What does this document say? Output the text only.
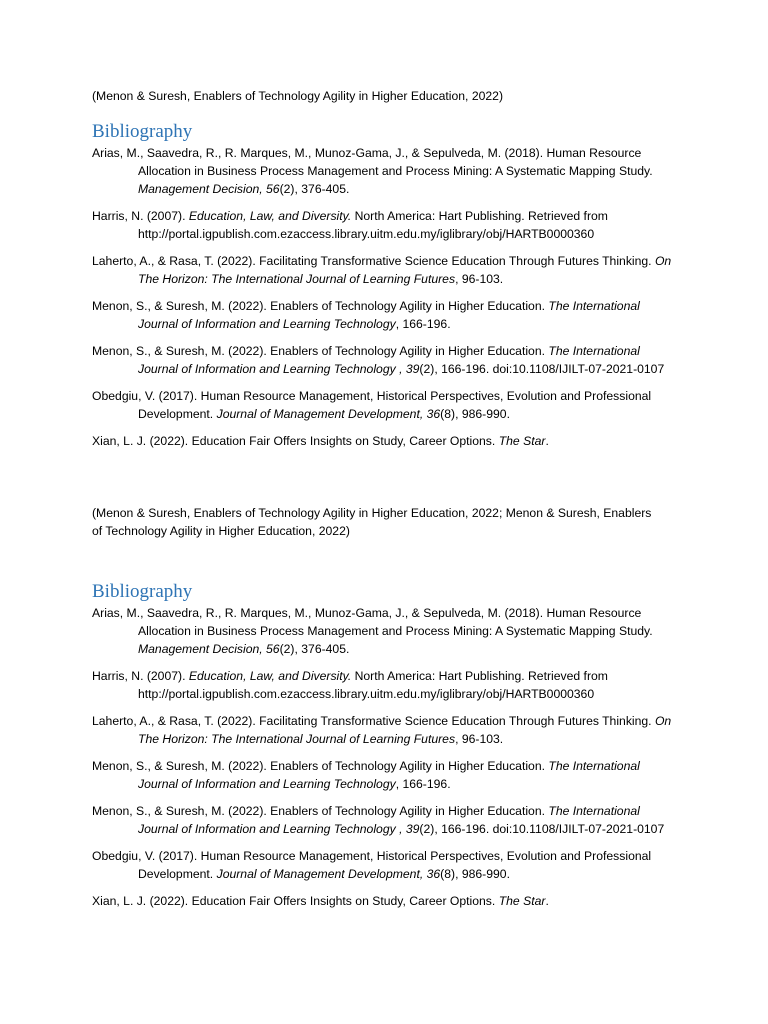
(Menon & Suresh, Enablers of Technology Agility in Higher Education, 2022)

Bibliography

Arias, M., Saavedra, R., R. Marques, M., Munoz-Gama, J., & Sepulveda, M. (2018). Human Resource Allocation in Business Process Management and Process Mining: A Systematic Mapping Study. Management Decision, 56(2), 376-405.

Harris, N. (2007). Education, Law, and Diversity. North America: Hart Publishing. Retrieved from http://portal.igpublish.com.ezaccess.library.uitm.edu.my/iglibrary/obj/HARTB0000360

Laherto, A., & Rasa, T. (2022). Facilitating Transformative Science Education Through Futures Thinking. On The Horizon: The International Journal of Learning Futures, 96-103.

Menon, S., & Suresh, M. (2022). Enablers of Technology Agility in Higher Education. The International Journal of Information and Learning Technology, 166-196.

Menon, S., & Suresh, M. (2022). Enablers of Technology Agility in Higher Education. The International Journal of Information and Learning Technology , 39(2), 166-196. doi:10.1108/IJILT-07-2021-0107

Obedgiu, V. (2017). Human Resource Management, Historical Perspectives, Evolution and Professional Development. Journal of Management Development, 36(8), 986-990.

Xian, L. J. (2022). Education Fair Offers Insights on Study, Career Options. The Star.

(Menon & Suresh, Enablers of Technology Agility in Higher Education, 2022; Menon & Suresh, Enablers of Technology Agility in Higher Education, 2022)

Bibliography

Arias, M., Saavedra, R., R. Marques, M., Munoz-Gama, J., & Sepulveda, M. (2018). Human Resource Allocation in Business Process Management and Process Mining: A Systematic Mapping Study. Management Decision, 56(2), 376-405.

Harris, N. (2007). Education, Law, and Diversity. North America: Hart Publishing. Retrieved from http://portal.igpublish.com.ezaccess.library.uitm.edu.my/iglibrary/obj/HARTB0000360

Laherto, A., & Rasa, T. (2022). Facilitating Transformative Science Education Through Futures Thinking. On The Horizon: The International Journal of Learning Futures, 96-103.

Menon, S., & Suresh, M. (2022). Enablers of Technology Agility in Higher Education. The International Journal of Information and Learning Technology, 166-196.

Menon, S., & Suresh, M. (2022). Enablers of Technology Agility in Higher Education. The International Journal of Information and Learning Technology , 39(2), 166-196. doi:10.1108/IJILT-07-2021-0107

Obedgiu, V. (2017). Human Resource Management, Historical Perspectives, Evolution and Professional Development. Journal of Management Development, 36(8), 986-990.

Xian, L. J. (2022). Education Fair Offers Insights on Study, Career Options. The Star.
